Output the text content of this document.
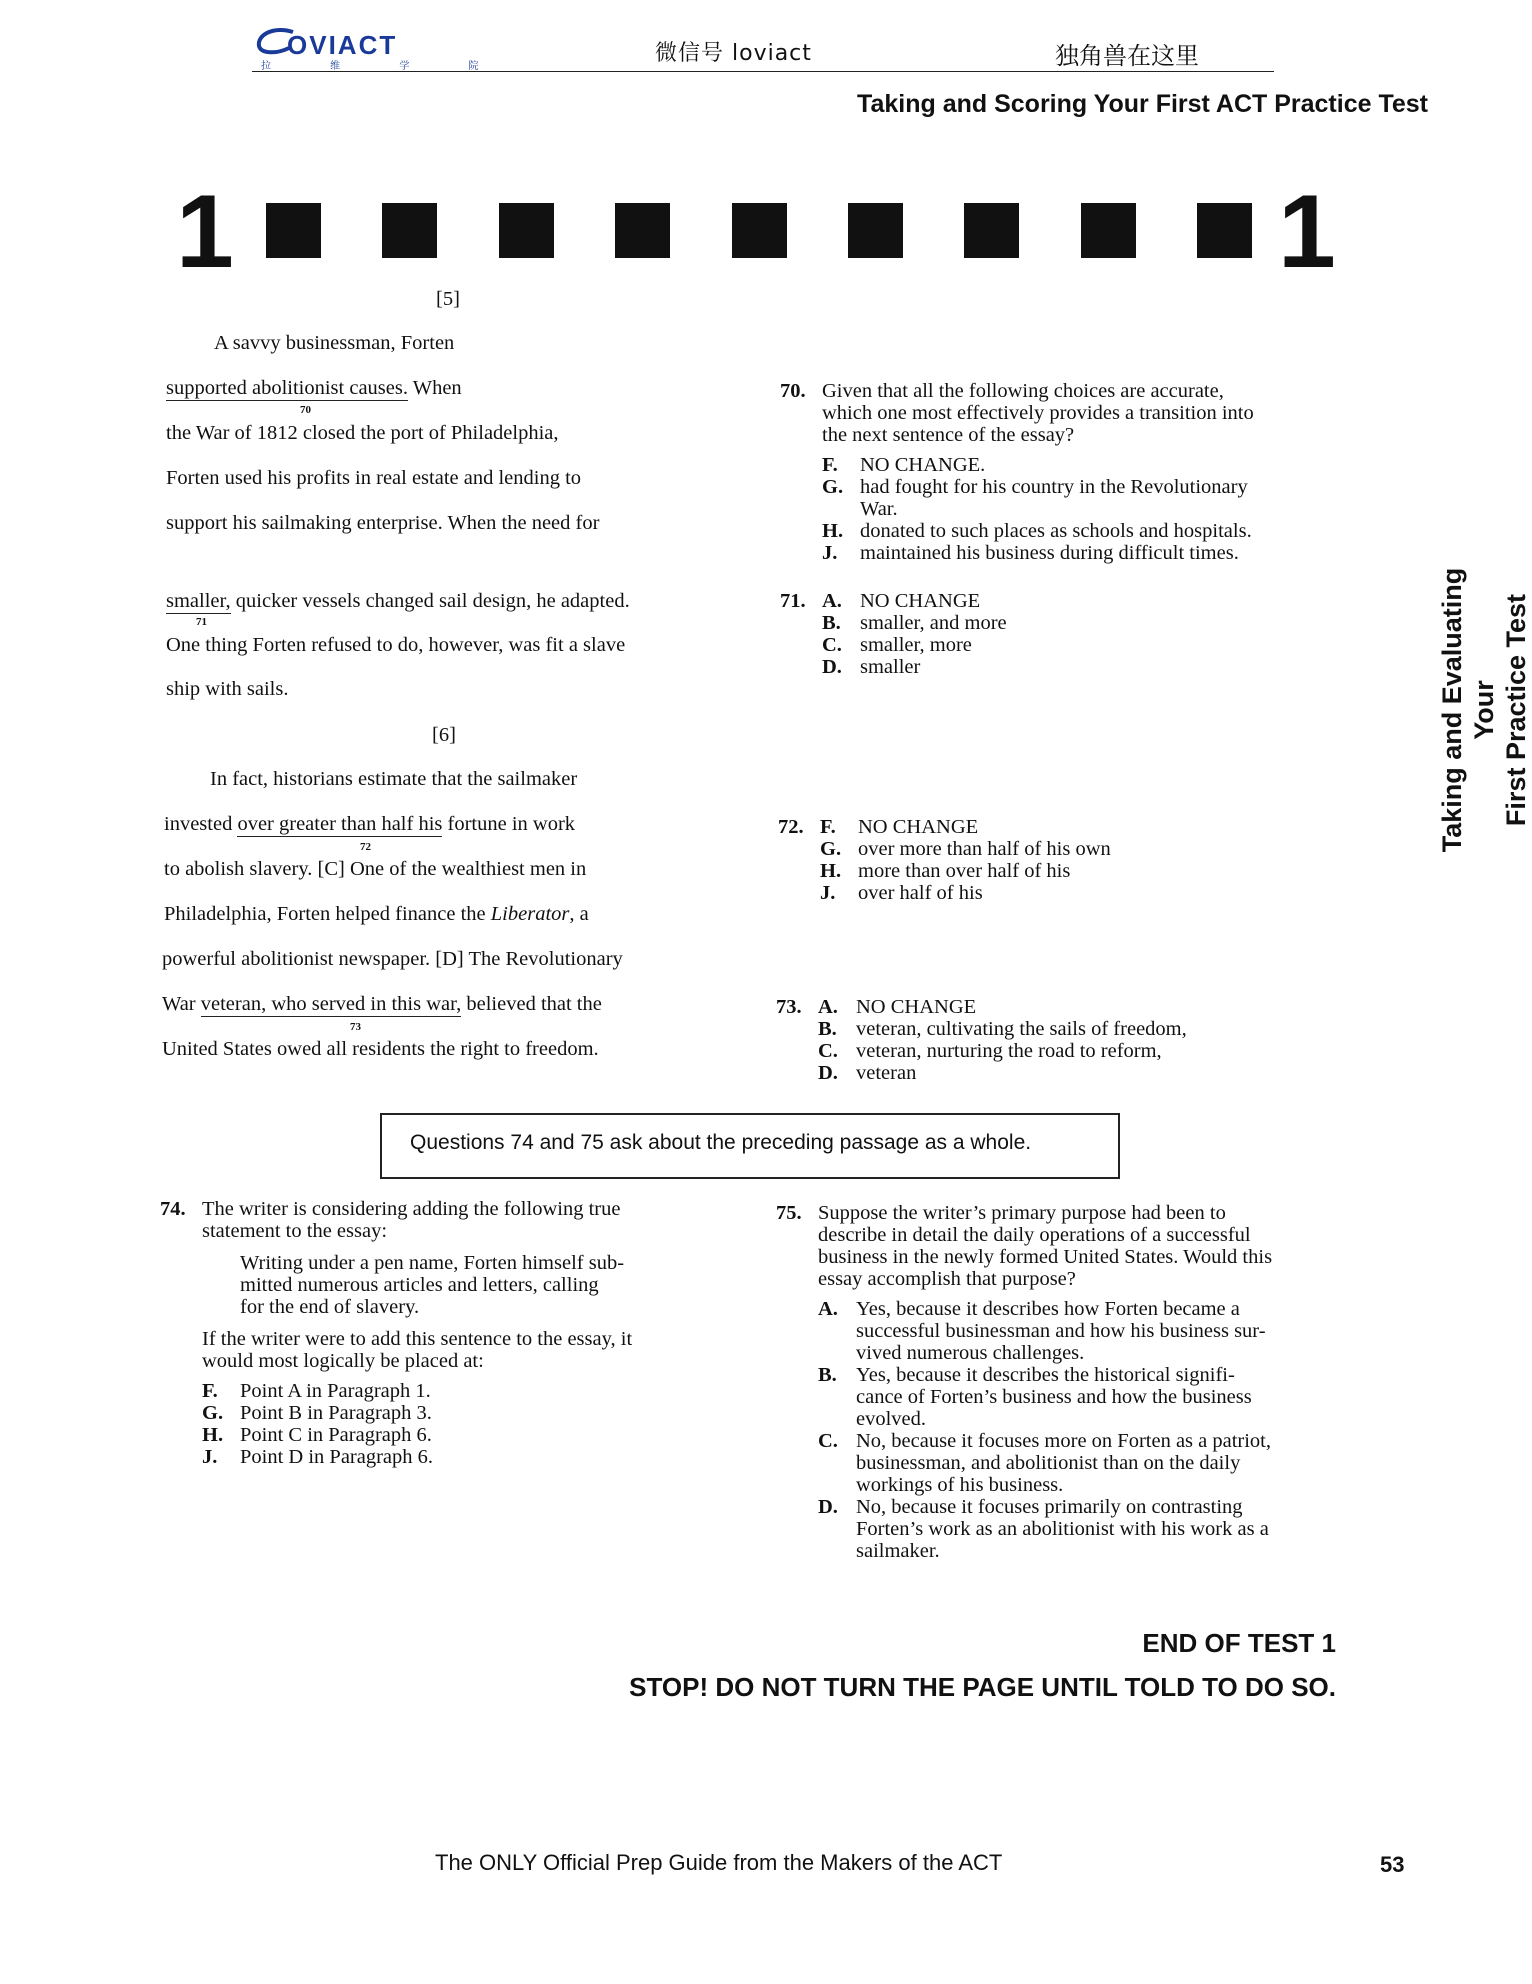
OVIACT
拉 维 学 院
微信号 loviact	独角兽在这里
Taking and Scoring Your First ACT Practice Test
1	1
[5]
A savvy businessman, Forten
supported abolitionist causes. When
70
the War of 1812 closed the port of Philadelphia,
Forten used his profits in real estate and lending to
support his sailmaking enterprise. When the need for
smaller, quicker vessels changed sail design, he adapted.
71
One thing Forten refused to do, however, was fit a slave
ship with sails.
[6]
In fact, historians estimate that the sailmaker
invested over greater than half his fortune in work
72
to abolish slavery. [C] One of the wealthiest men in
Philadelphia, Forten helped finance the Liberator, a
powerful abolitionist newspaper. [D] The Revolutionary
War veteran, who served in this war, believed that the
73
United States owed all residents the right to freedom.
70. Given that all the following choices are accurate,
which one most effectively provides a transition into
the next sentence of the essay?
F. NO CHANGE.
G. had fought for his country in the Revolutionary
War.
H. donated to such places as schools and hospitals.
J. maintained his business during difficult times.
71. A. NO CHANGE
B. smaller, and more
C. smaller, more
D. smaller
72. F. NO CHANGE
G. over more than half of his own
H. more than over half of his
J. over half of his
73. A. NO CHANGE
B. veteran, cultivating the sails of freedom,
C. veteran, nurturing the road to reform,
D. veteran
Questions 74 and 75 ask about the preceding passage as a whole.
74. The writer is considering adding the following true
statement to the essay:
Writing under a pen name, Forten himself sub-
mitted numerous articles and letters, calling
for the end of slavery.
If the writer were to add this sentence to the essay, it
would most logically be placed at:
F. Point A in Paragraph 1.
G. Point B in Paragraph 3.
H. Point C in Paragraph 6.
J. Point D in Paragraph 6.
75. Suppose the writer’s primary purpose had been to
describe in detail the daily operations of a successful
business in the newly formed United States. Would this
essay accomplish that purpose?
A. Yes, because it describes how Forten became a
successful businessman and how his business sur-
vived numerous challenges.
B. Yes, because it describes the historical signifi-
cance of Forten’s business and how the business
evolved.
C. No, because it focuses more on Forten as a patriot,
businessman, and abolitionist than on the daily
workings of his business.
D. No, because it focuses primarily on contrasting
Forten’s work as an abolitionist with his work as a
sailmaker.
END OF TEST 1
STOP! DO NOT TURN THE PAGE UNTIL TOLD TO DO SO.
The ONLY Official Prep Guide from the Makers of the ACT	53
Taking and Evaluating Your First Practice Test
